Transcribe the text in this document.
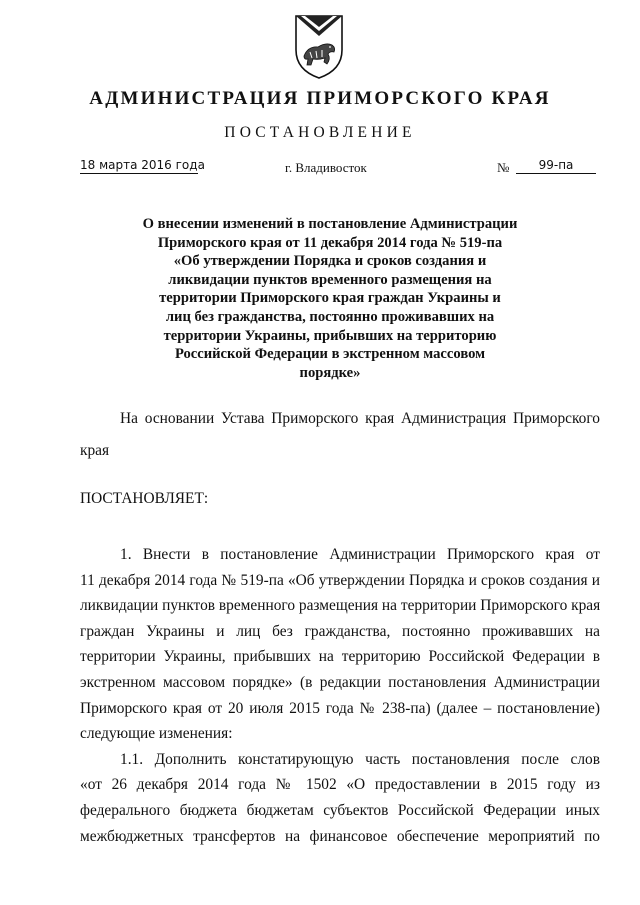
АДМИНИСТРАЦИЯ ПРИМОРСКОГО КРАЯ
ПОСТАНОВЛЕНИЕ
18 марта 2016 года	г. Владивосток	№	99-па
О внесении изменений в постановление Администрации
Приморского края от 11 декабря 2014 года № 519-па
«Об утверждении Порядка и сроков создания и
ликвидации пунктов временного размещения на
территории Приморского края граждан Украины и
лиц без гражданства, постоянно проживавших на
территории Украины, прибывших на территорию
Российской Федерации в экстренном массовом
порядке»
На основании Устава Приморского края Администрация Приморского
края
ПОСТАНОВЛЯЕТ:
1. Внести в постановление Администрации Приморского края от
11 декабря 2014 года № 519-па «Об утверждении Порядка и сроков создания и
ликвидации пунктов временного размещения на территории Приморского края
граждан Украины и лиц без гражданства, постоянно проживавших на
территории Украины, прибывших на территорию Российской Федерации в
экстренном массовом порядке» (в редакции постановления Администрации
Приморского края от 20 июля 2015 года № 238-па) (далее – постановление)
следующие изменения:
1.1. Дополнить констатирующую часть постановления после слов
«от 26 декабря 2014 года № 1502 «О предоставлении в 2015 году из
федерального бюджета бюджетам субъектов Российской Федерации иных
межбюджетных трансфертов на финансовое обеспечение мероприятий по
